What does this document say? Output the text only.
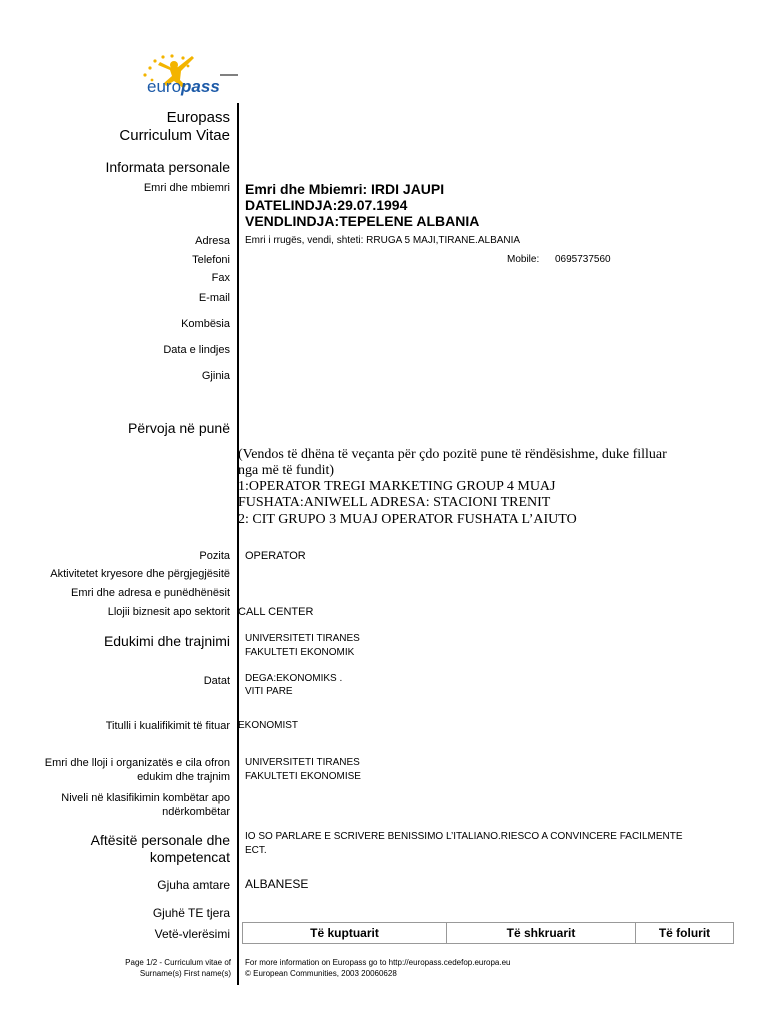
europass
Europass
Curriculum Vitae
Informata personale
Emri dhe mbiemri Emri dhe Mbiemri: IRDI JAUPI
DATELINDJA:29.07.1994
VENDLINDJA:TEPELENE ALBANIA
Adresa Emri i rrugës, vendi, shteti: RRUGA 5 MAJI,TIRANE.ALBANIA
Telefoni	Mobile: 0695737560
Fax
E-mail
Kombësia
Data e lindjes
Gjinia
Përvoja në punë
(Vendos të dhëna të veçanta për çdo pozitë pune të rëndësishme, duke filluar
nga më të fundit)
1:OPERATOR TREGI MARKETING GROUP 4 MUAJ
FUSHATA:ANIWELL ADRESA: STACIONI TRENIT
2: CIT GRUPO 3 MUAJ OPERATOR FUSHATA L’AIUTO
Pozita OPERATOR
Aktivitetet kryesore dhe përgjegjësitë
Emri dhe adresa e punëdhënësit
Llojii biznesit apo sektorit CALL CENTER
Edukimi dhe trajnimi UNIVERSITETI TIRANES
FAKULTETI EKONOMIK
Datat DEGA:EKONOMIKS .
VITI PARE
Titulli i kualifikimit të fituar EKONOMIST
Emri dhe lloji i organizatës e cila ofron
edukim dhe trajnim
UNIVERSITETI TIRANES
FAKULTETI EKONOMISE
Niveli në klasifikimin kombëtar apo
ndërkombëtar
Aftësitë personale dhe
kompetencat
IO SO PARLARE E SCRIVERE BENISSIMO L’ITALIANO.RIESCO A CONVINCERE FACILMENTE
ECT.
Gjuha amtare ALBANESE
Gjuhë TE tjera
Vetë-vlerësimi	Të kuptuarit	Të shkruarit	Të folurit
Page 1/2 - Curriculum vitae of
Surname(s) First name(s)
For more information on Europass go to http://europass.cedefop.europa.eu
© European Communities, 2003 20060628
